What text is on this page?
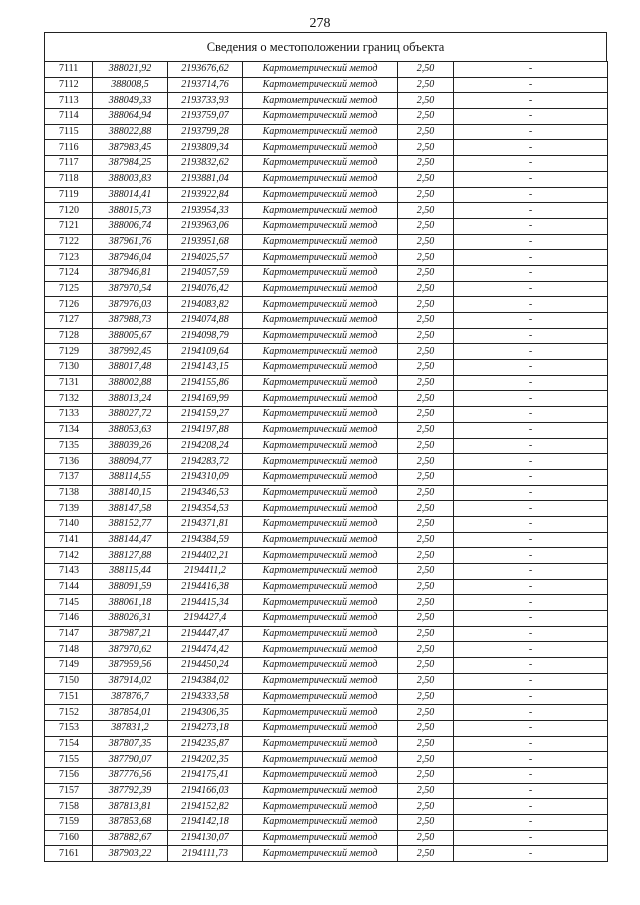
278
Сведения о местоположении границ объекта
7111	388021,92	2193676,62	Картометрический метод	2,50	-
7112	388008,5	2193714,76	Картометрический метод	2,50	-
7113	388049,33	2193733,93	Картометрический метод	2,50	-
7114	388064,94	2193759,07	Картометрический метод	2,50	-
7115	388022,88	2193799,28	Картометрический метод	2,50	-
7116	387983,45	2193809,34	Картометрический метод	2,50	-
7117	387984,25	2193832,62	Картометрический метод	2,50	-
7118	388003,83	2193881,04	Картометрический метод	2,50	-
7119	388014,41	2193922,84	Картометрический метод	2,50	-
7120	388015,73	2193954,33	Картометрический метод	2,50	-
7121	388006,74	2193963,06	Картометрический метод	2,50	-
7122	387961,76	2193951,68	Картометрический метод	2,50	-
7123	387946,04	2194025,57	Картометрический метод	2,50	-
7124	387946,81	2194057,59	Картометрический метод	2,50	-
7125	387970,54	2194076,42	Картометрический метод	2,50	-
7126	387976,03	2194083,82	Картометрический метод	2,50	-
7127	387988,73	2194074,88	Картометрический метод	2,50	-
7128	388005,67	2194098,79	Картометрический метод	2,50	-
7129	387992,45	2194109,64	Картометрический метод	2,50	-
7130	388017,48	2194143,15	Картометрический метод	2,50	-
7131	388002,88	2194155,86	Картометрический метод	2,50	-
7132	388013,24	2194169,99	Картометрический метод	2,50	-
7133	388027,72	2194159,27	Картометрический метод	2,50	-
7134	388053,63	2194197,88	Картометрический метод	2,50	-
7135	388039,26	2194208,24	Картометрический метод	2,50	-
7136	388094,77	2194283,72	Картометрический метод	2,50	-
7137	388114,55	2194310,09	Картометрический метод	2,50	-
7138	388140,15	2194346,53	Картометрический метод	2,50	-
7139	388147,58	2194354,53	Картометрический метод	2,50	-
7140	388152,77	2194371,81	Картометрический метод	2,50	-
7141	388144,47	2194384,59	Картометрический метод	2,50	-
7142	388127,88	2194402,21	Картометрический метод	2,50	-
7143	388115,44	2194411,2	Картометрический метод	2,50	-
7144	388091,59	2194416,38	Картометрический метод	2,50	-
7145	388061,18	2194415,34	Картометрический метод	2,50	-
7146	388026,31	2194427,4	Картометрический метод	2,50	-
7147	387987,21	2194447,47	Картометрический метод	2,50	-
7148	387970,62	2194474,42	Картометрический метод	2,50	-
7149	387959,56	2194450,24	Картометрический метод	2,50	-
7150	387914,02	2194384,02	Картометрический метод	2,50	-
7151	387876,7	2194333,58	Картометрический метод	2,50	-
7152	387854,01	2194306,35	Картометрический метод	2,50	-
7153	387831,2	2194273,18	Картометрический метод	2,50	-
7154	387807,35	2194235,87	Картометрический метод	2,50	-
7155	387790,07	2194202,35	Картометрический метод	2,50	-
7156	387776,56	2194175,41	Картометрический метод	2,50	-
7157	387792,39	2194166,03	Картометрический метод	2,50	-
7158	387813,81	2194152,82	Картометрический метод	2,50	-
7159	387853,68	2194142,18	Картометрический метод	2,50	-
7160	387882,67	2194130,07	Картометрический метод	2,50	-
7161	387903,22	2194111,73	Картометрический метод	2,50	-
